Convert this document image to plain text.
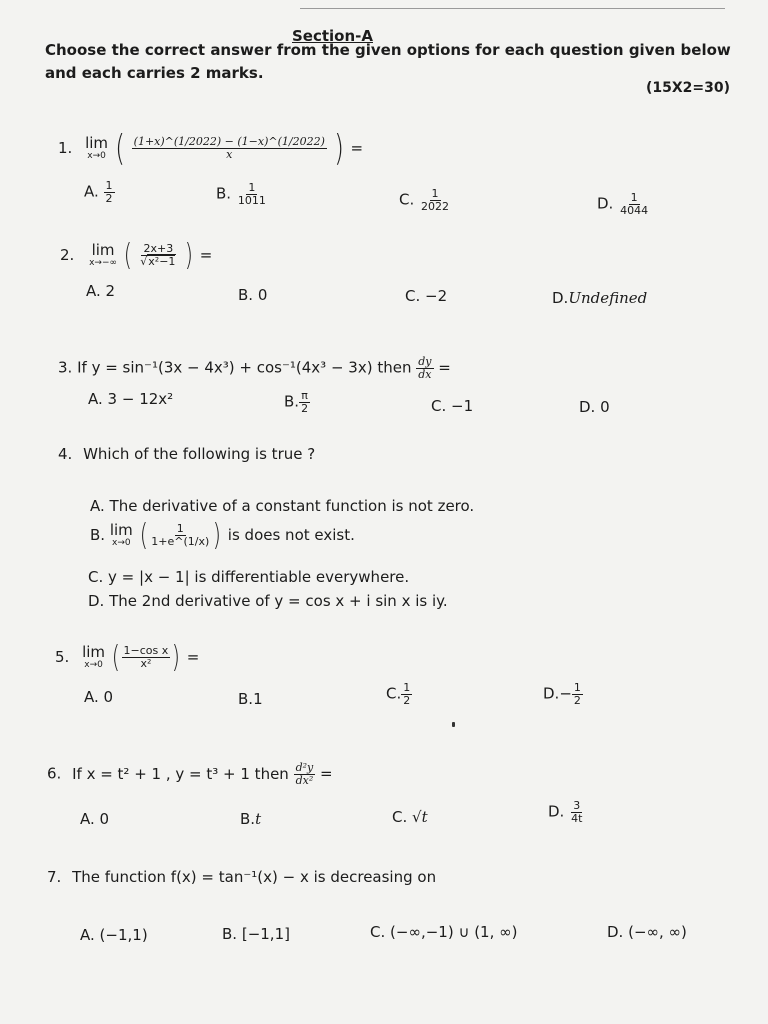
Section-A
Choose the correct answer from the given options for each question given below
and each carries 2 marks.
(15X2=30)
1. lim
x→0 ( $\frac{(1+x)\^{}(1/2022) - (1-x)\^{}(1/2022)}{x}$ ) =
A. $\frac{1}{2}$	B. $\frac{1}{1011}$	C. $\frac{1}{2022}$	D. $\frac{1}{4044}$
2. lim
x→−∞ ( $\frac{2x+3}{\text{√x²−1}}$ ) =
A. 2	B. 0	C. −2	D.Undefined
3. If y = sin⁻¹(3x − 4x³) + cos⁻¹(4x³ − 3x) then $\frac{dy}{dx}$ =
A. 3 − 12x²	B. $\frac{\pi}{2}$	C. −1	D. 0
4. Which of the following is true ?
A. The derivative of a constant function is not zero.
B. lim
x→0 ( $\frac{1}{1+e\^{}(1/x)}$ ) is does not exist.
C. y = |x − 1| is differentiable everywhere.
D. The 2nd derivative of y = cos x + i sin x is iy.
5. lim
x→0 ( $\frac{\text{1−cos x}}{\text{x²}}$ ) =
A. 0	B.1	C. $\frac{1}{2}$	$D.- \frac{1}{2}$
6. If x = t² + 1 , y = t³ + 1 then $\frac{\text{d²y}}{\text{dx²}}$ =
A. 0	B.t	C. √t	D. $\frac{3}{4t}$
7. The function f(x) = tan⁻¹(x) − x is decreasing on
A. (−1,1)	B. [−1,1]	C. (−∞,−1) ∪ (1, ∞)	D. (−∞, ∞)
